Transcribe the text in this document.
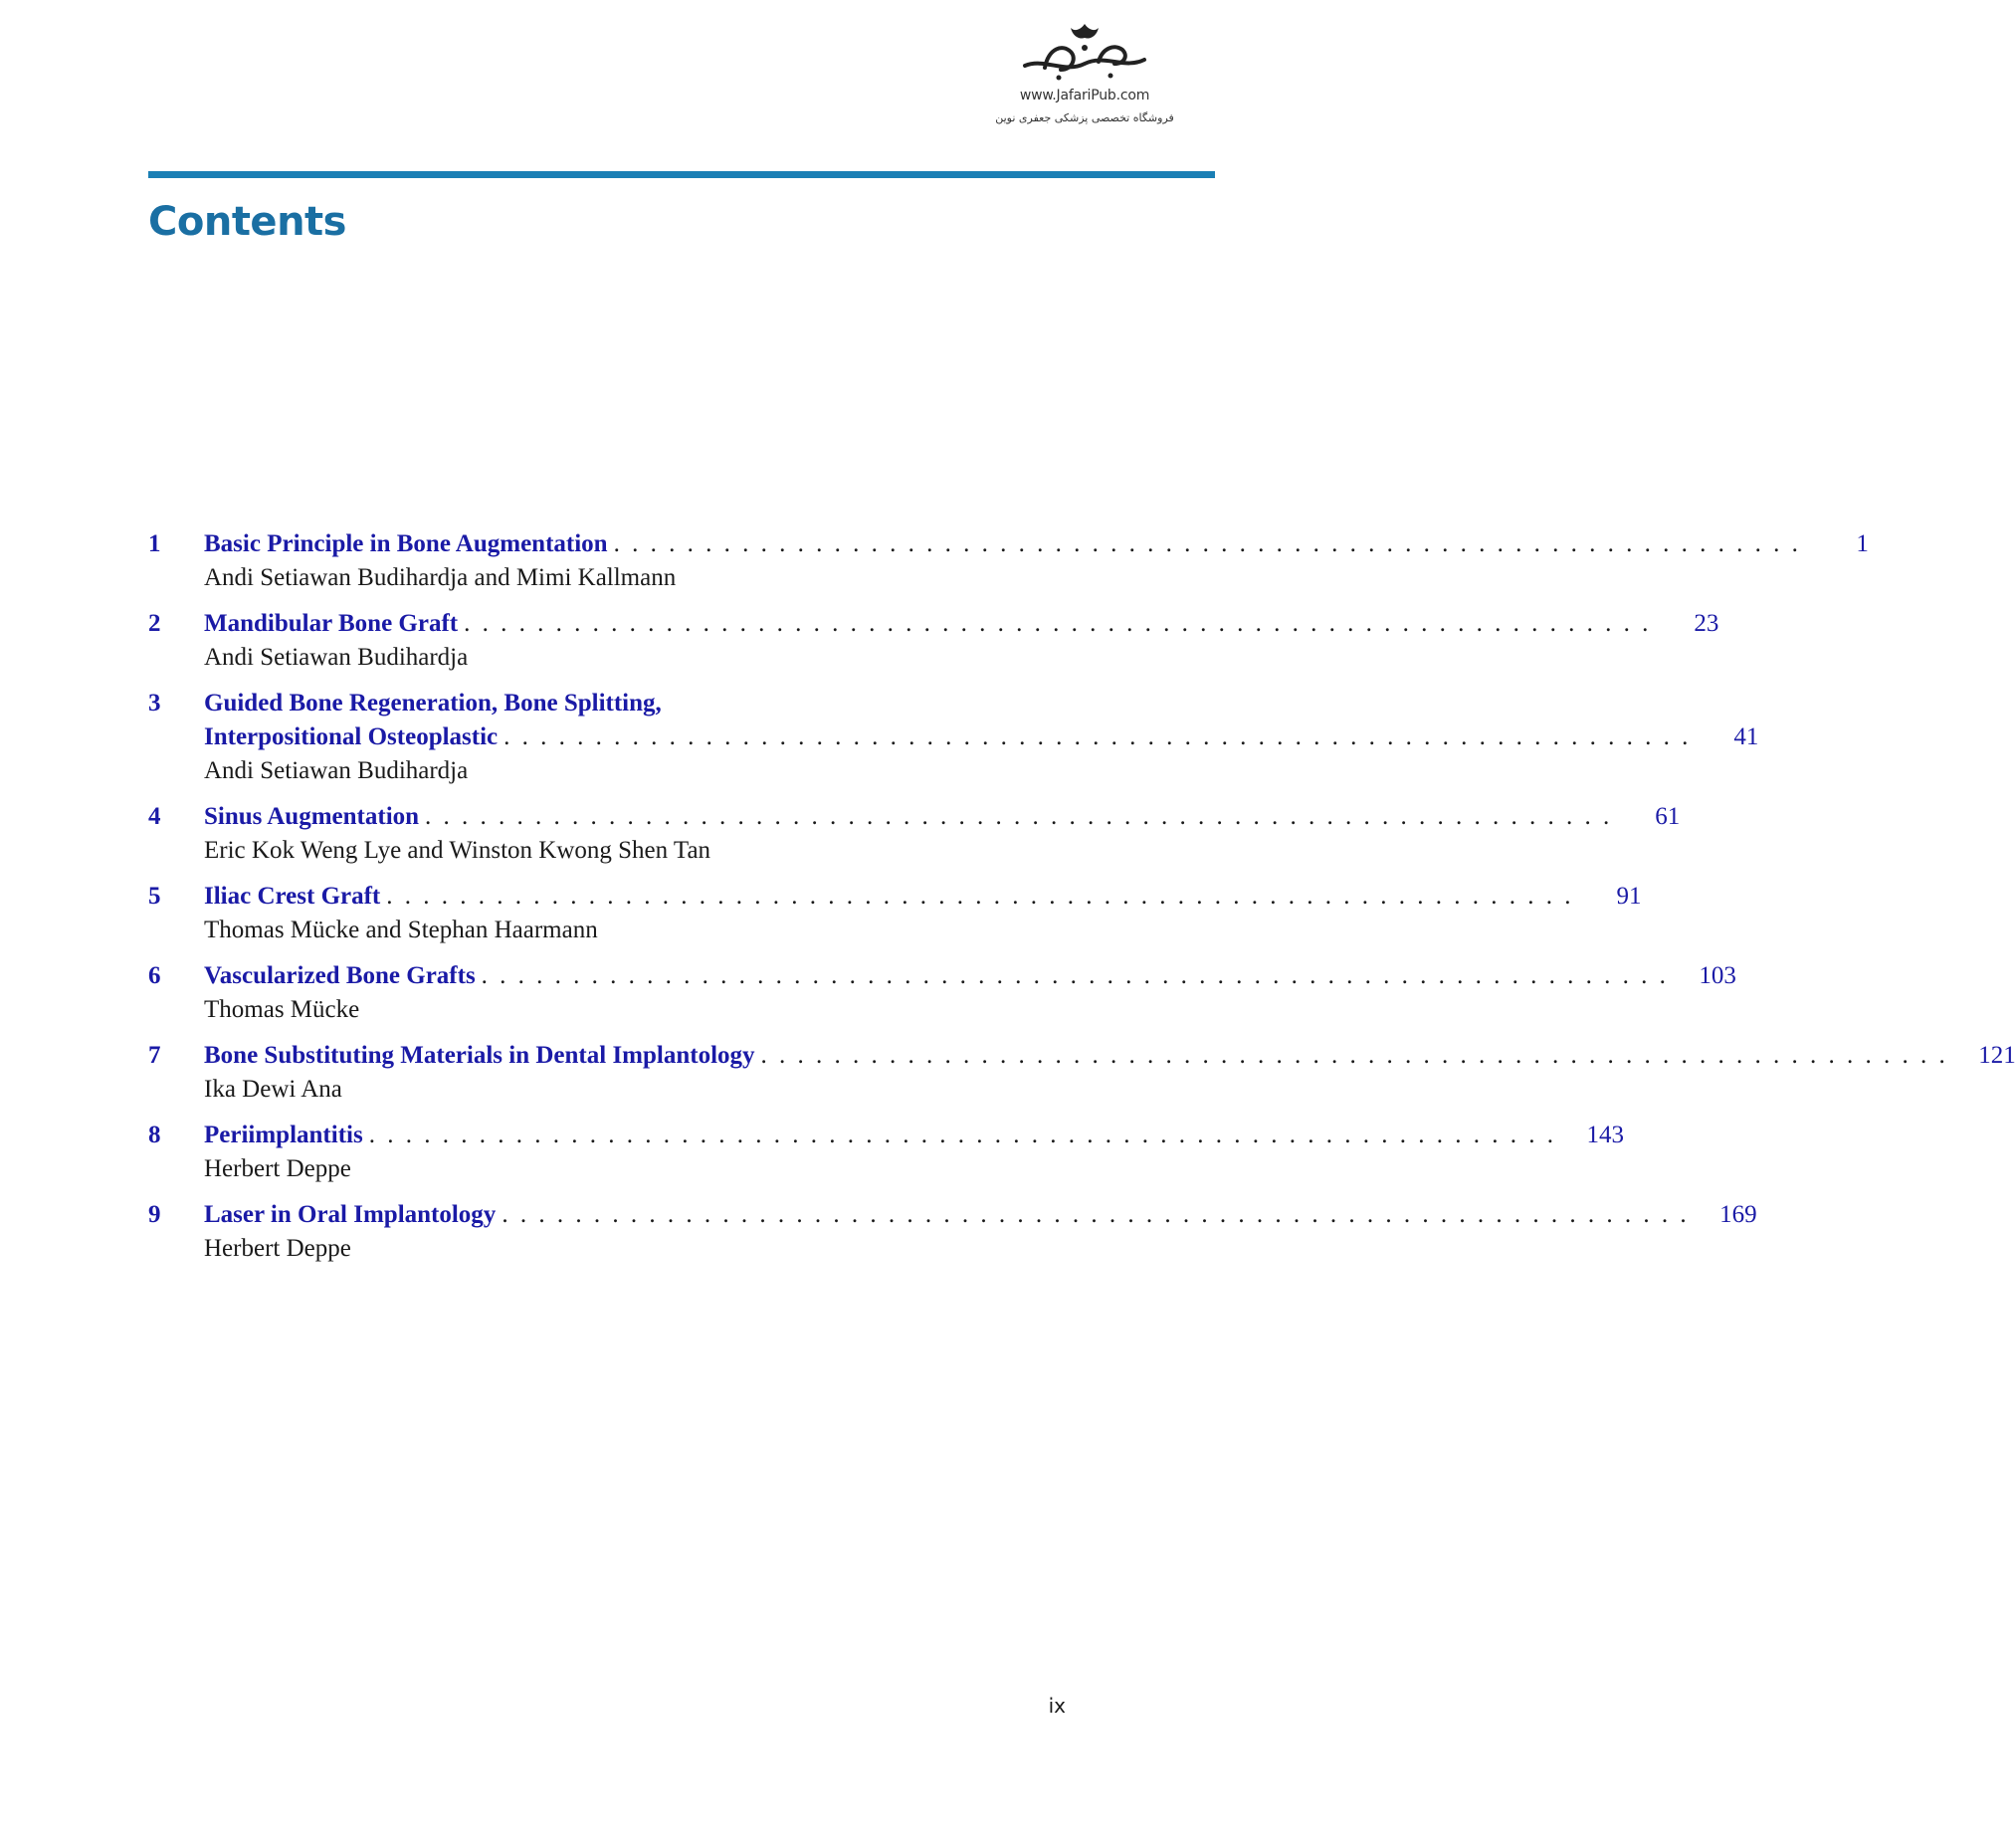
www.JafariPub.com
فروشگاه تخصصی پزشکی جعفری نوین
Contents
1	Basic Principle in Bone Augmentation . . . . . . . . . . . . . . . . . . . . . . . . . . . . . . . . . . . . . . . . . . . . . . . . . . . . . . . . . . . . . . . . .	1
Andi Setiawan Budihardja and Mimi Kallmann
2	Mandibular Bone Graft . . . . . . . . . . . . . . . . . . . . . . . . . . . . . . . . . . . . . . . . . . . . . . . . . . . . . . . . . . . . . . . . .	23
Andi Setiawan Budihardja
3	Guided Bone Regeneration, Bone Splitting,
Interpositional Osteoplastic . . . . . . . . . . . . . . . . . . . . . . . . . . . . . . . . . . . . . . . . . . . . . . . . . . . . . . . . . . . . . . . . .	41
Andi Setiawan Budihardja
4	Sinus Augmentation . . . . . . . . . . . . . . . . . . . . . . . . . . . . . . . . . . . . . . . . . . . . . . . . . . . . . . . . . . . . . . . . .	61
Eric Kok Weng Lye and Winston Kwong Shen Tan
5	Iliac Crest Graft . . . . . . . . . . . . . . . . . . . . . . . . . . . . . . . . . . . . . . . . . . . . . . . . . . . . . . . . . . . . . . . . .	91
Thomas Mücke and Stephan Haarmann
6	Vascularized Bone Grafts . . . . . . . . . . . . . . . . . . . . . . . . . . . . . . . . . . . . . . . . . . . . . . . . . . . . . . . . . . . . . . . . .	103
Thomas Mücke
7	Bone Substituting Materials in Dental Implantology . . . . . . . . . . . . . . . . . . . . . . . . . . . . . . . . . . . . . . . . . . . . . . . . . . . . . . . . . . . . . . . . .	121
Ika Dewi Ana
8	Periimplantitis . . . . . . . . . . . . . . . . . . . . . . . . . . . . . . . . . . . . . . . . . . . . . . . . . . . . . . . . . . . . . . . . .	143
Herbert Deppe
9	Laser in Oral Implantology . . . . . . . . . . . . . . . . . . . . . . . . . . . . . . . . . . . . . . . . . . . . . . . . . . . . . . . . . . . . . . . . .	169
Herbert Deppe
ix
